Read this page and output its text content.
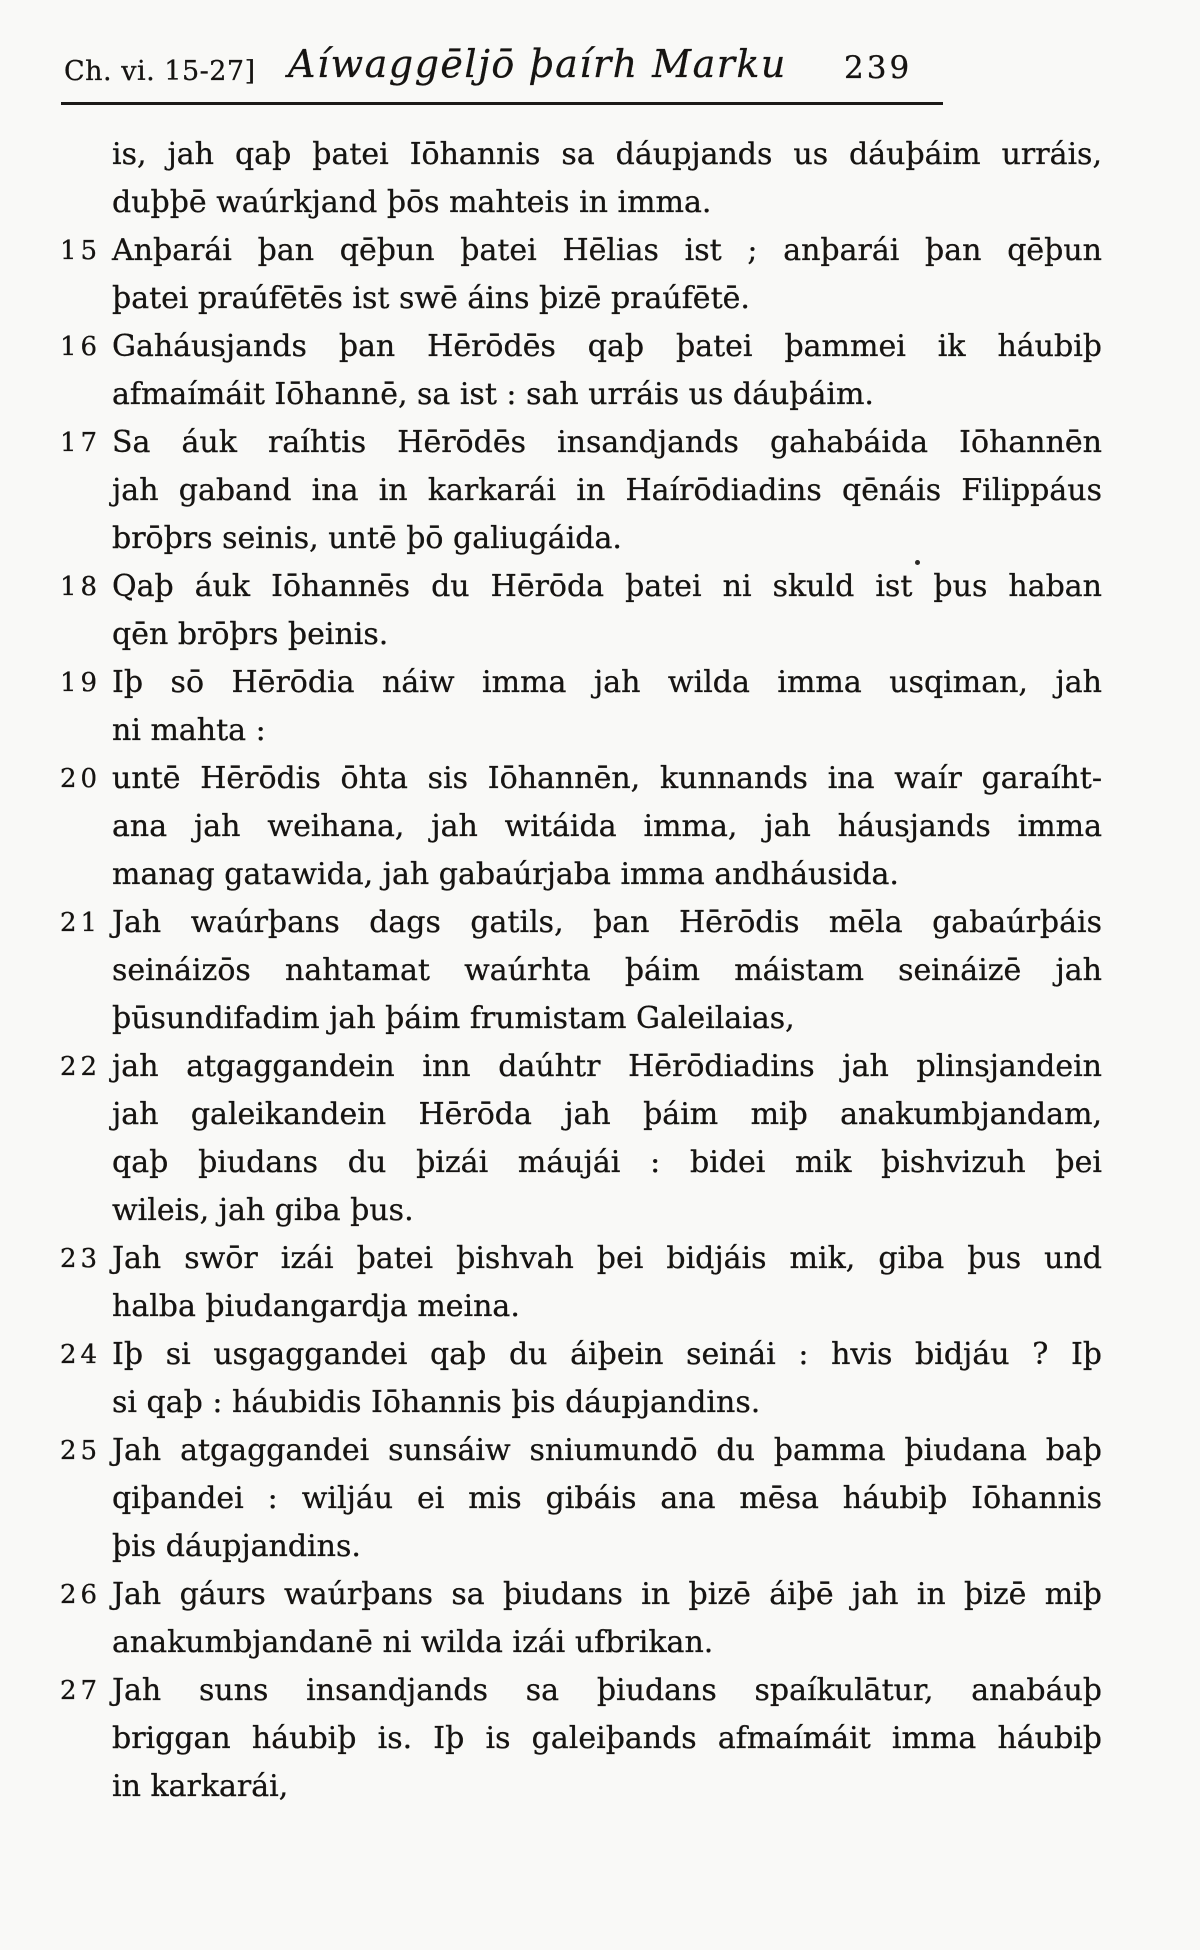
Ch. vi. 15-27] Aíwaggēljō þaírh Marku 239

is, jah qaþ þatei Iōhannis sa dáupjands us dáuþáim urráis,
duþþē waúrkjand þōs mahteis in imma.

15 Anþarái þan qēþun þatei Hēlias ist ; anþarái þan qēþun
þatei praúfētēs ist swē áins þizē praúfētē.

16 Gaháusjands þan Hērōdēs qaþ þatei þammei ik háubiþ
afmaímáit Iōhannē, sa ist : sah urráis us dáuþáim.

17 Sa áuk raíhtis Hērōdēs insandjands gahabáida Iōhannēn
jah gaband ina in karkarái in Haírōdiadins qēnáis Filippáus
brōþrs seinis, untē þō galiugáida.

18 Qaþ áuk Iōhannēs du Hērōda þatei ni skuld ist þus haban
qēn brōþrs þeinis.

19 Iþ sō Hērōdia náiw imma jah wilda imma usqiman, jah
ni mahta :

20 untē Hērōdis ōhta sis Iōhannēn, kunnands ina waír garaíht-
ana jah weihana, jah witáida imma, jah háusjands imma
manag gatawida, jah gabaúrjaba imma andháusida.

21 Jah waúrþans dags gatils, þan Hērōdis mēla gabaúrþáis
seináizōs nahtamat waúrhta þáim máistam seináizē jah
þūsundifadim jah þáim frumistam Galeilaias,

22 jah atgaggandein inn daúhtr Hērōdiadins jah plinsjandein
jah galeikandein Hērōda jah þáim miþ anakumbjandam,
qaþ þiudans du þizái máujái : bidei mik þishvizuh þei
wileis, jah giba þus.

23 Jah swōr izái þatei þishvah þei bidjáis mik, giba þus und
halba þiudangardja meina.

24 Iþ si usgaggandei qaþ du áiþein seinái : hvis bidjáu ? Iþ
si qaþ : háubidis Iōhannis þis dáupjandins.

25 Jah atgaggandei sunsáiw sniumundō du þamma þiudana baþ
qiþandei : wiljáu ei mis gibáis ana mēsa háubiþ Iōhannis
þis dáupjandins.

26 Jah gáurs waúrþans sa þiudans in þizē áiþē jah in þizē miþ
anakumbjandanē ni wilda izái ufbrikan.

27 Jah suns insandjands sa þiudans spaíkulātur, anabáuþ
briggan háubiþ is. Iþ is galeiþands afmaímáit imma háubiþ
in karkarái,
